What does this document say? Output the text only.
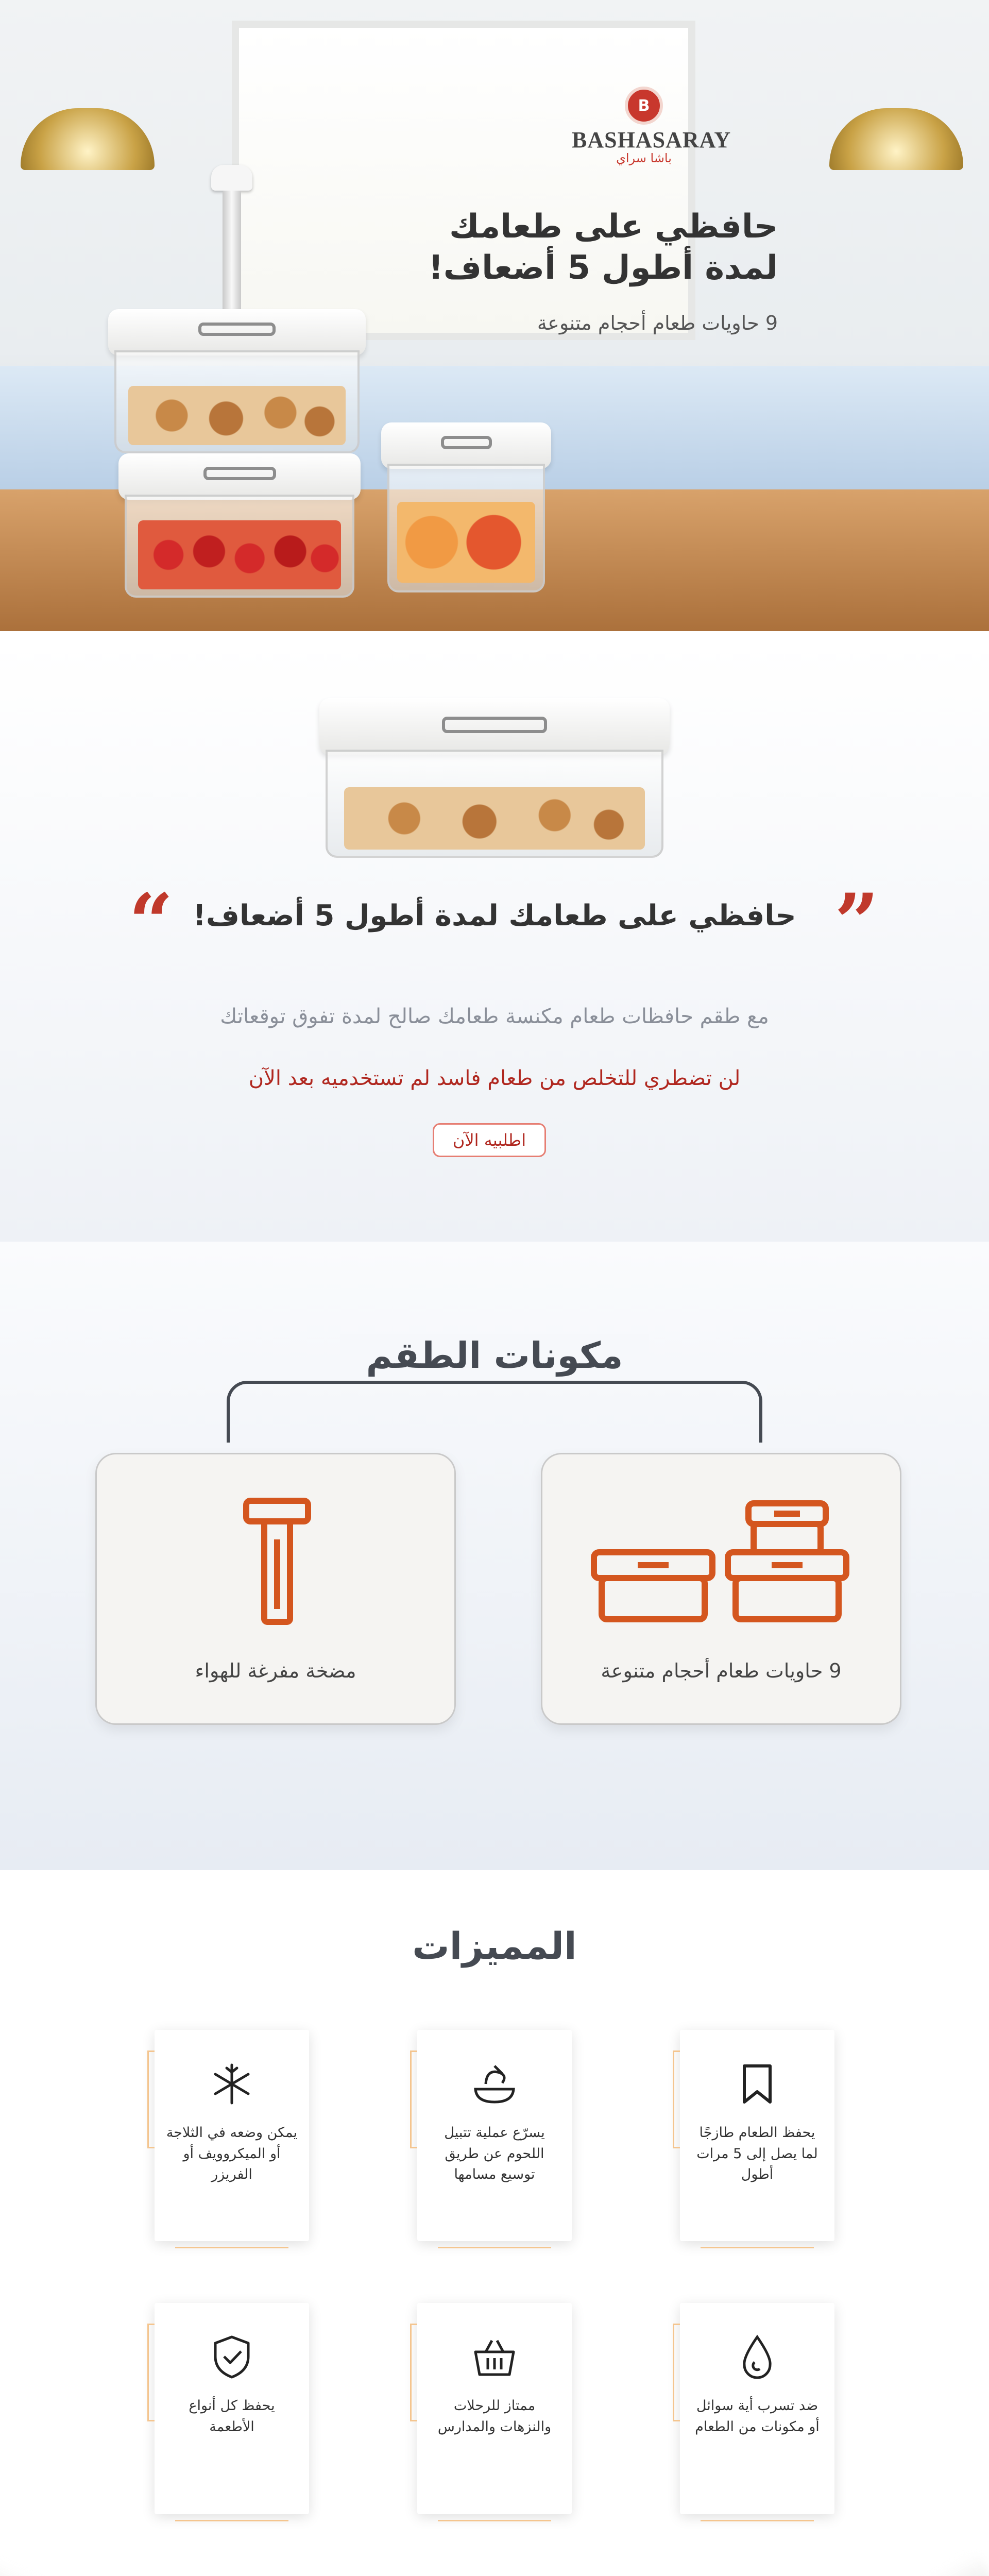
B
BASHASARAY
باشا سراي
حافظي على طعامك
لمدة أطول 5 أضعاف!
9 حاويات طعام أحجام متنوعة
”
“ حافظي على طعامك لمدة أطول 5 أضعاف!
مع طقم حافظات طعام مكنسة طعامك صالح لمدة تفوق توقعاتك
لن تضطري للتخلص من طعام فاسد لم تستخدميه بعد الآن
اطلبيه الآن
مكونات الطقم
9 حاويات طعام أحجام متنوعة
مضخة مفرغة للهواء
المميزات
يحفظ الطعام طازجًا لما يصل إلى 5 مرات أطول
يسرّع عملية تتبيل اللحوم عن طريق توسيع مسامها
يمكن وضعه في الثلاجة أو الميكروويف أو الفريزر
ضد تسرب أية سوائل أو مكونات من الطعام
ممتاز للرحلات والنزهات والمدارس
يحفظ كل أنواع الأطعمة
